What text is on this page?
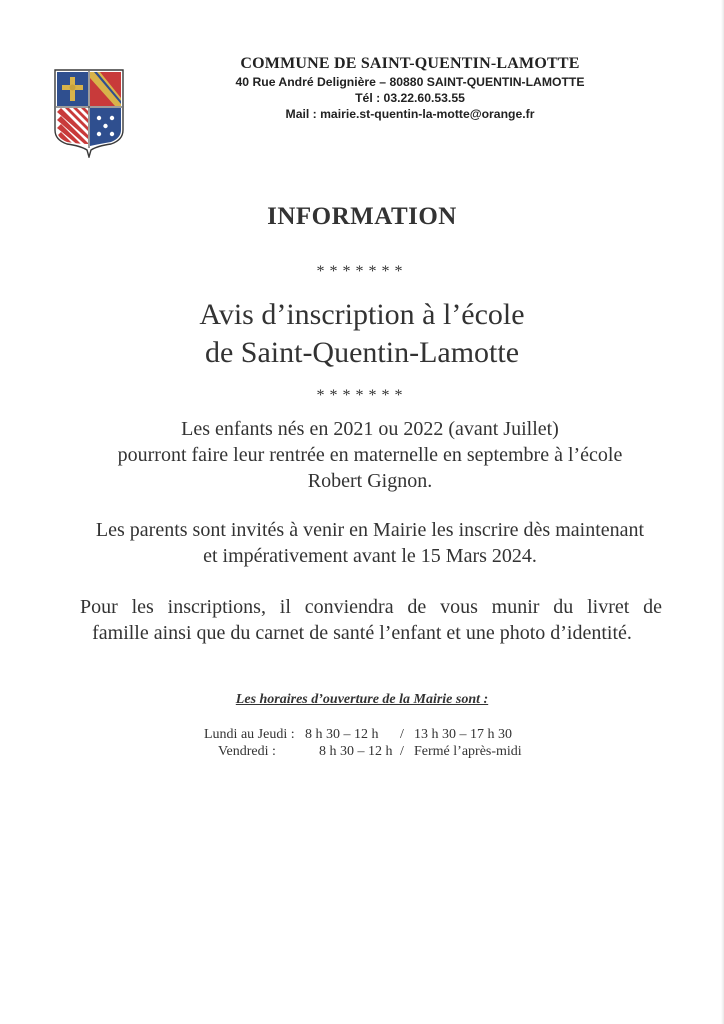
COMMUNE DE SAINT-QUENTIN-LAMOTTE
40 Rue André Delignière – 80880 SAINT-QUENTIN-LAMOTTE
Tél : 03.22.60.53.55
Mail : mairie.st-quentin-la-motte@orange.fr
INFORMATION
*******
Avis d’inscription à l’école
de Saint-Quentin-Lamotte
*******
Les enfants nés en 2021 ou 2022 (avant Juillet)
pourront faire leur rentrée en maternelle en septembre à l’école
Robert Gignon.
Les parents sont invités à venir en Mairie les inscrire dès maintenant
et impérativement avant le 15 Mars 2024.
Pour les inscriptions, il conviendra de vous munir du livret de
famille ainsi que du carnet de santé l’enfant et une photo d’identité.
Les horaires d’ouverture de la Mairie sont :
Lundi au Jeudi : 8 h 30 – 12 h / 13 h 30 – 17 h 30
Vendredi :	8 h 30 – 12 h / Fermé l’après-midi
